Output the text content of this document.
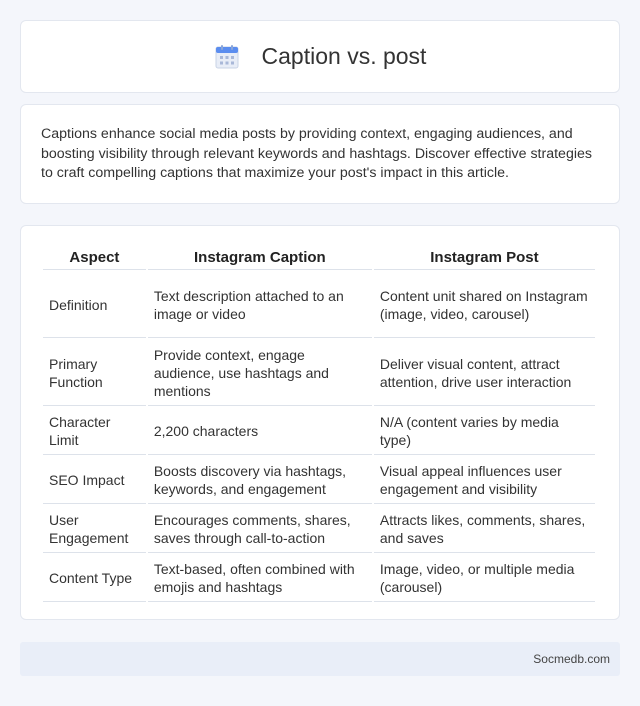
Caption vs. post

Captions enhance social media posts by providing context, engaging audiences, and boosting visibility through relevant keywords and hashtags. Discover effective strategies to craft compelling captions that maximize your post's impact in this article.

Aspect	Instagram Caption	Instagram Post
Definition	Text description attached to an image or video	Content unit shared on Instagram (image, video, carousel)
Primary Function	Provide context, engage audience, use hashtags and mentions	Deliver visual content, attract attention, drive user interaction
Character Limit	2,200 characters	N/A (content varies by media type)
SEO Impact	Boosts discovery via hashtags, keywords, and engagement	Visual appeal influences user engagement and visibility
User Engagement	Encourages comments, shares, saves through call-to-action	Attracts likes, comments, shares, and saves
Content Type	Text-based, often combined with emojis and hashtags	Image, video, or multiple media (carousel)
Socmedb.com
